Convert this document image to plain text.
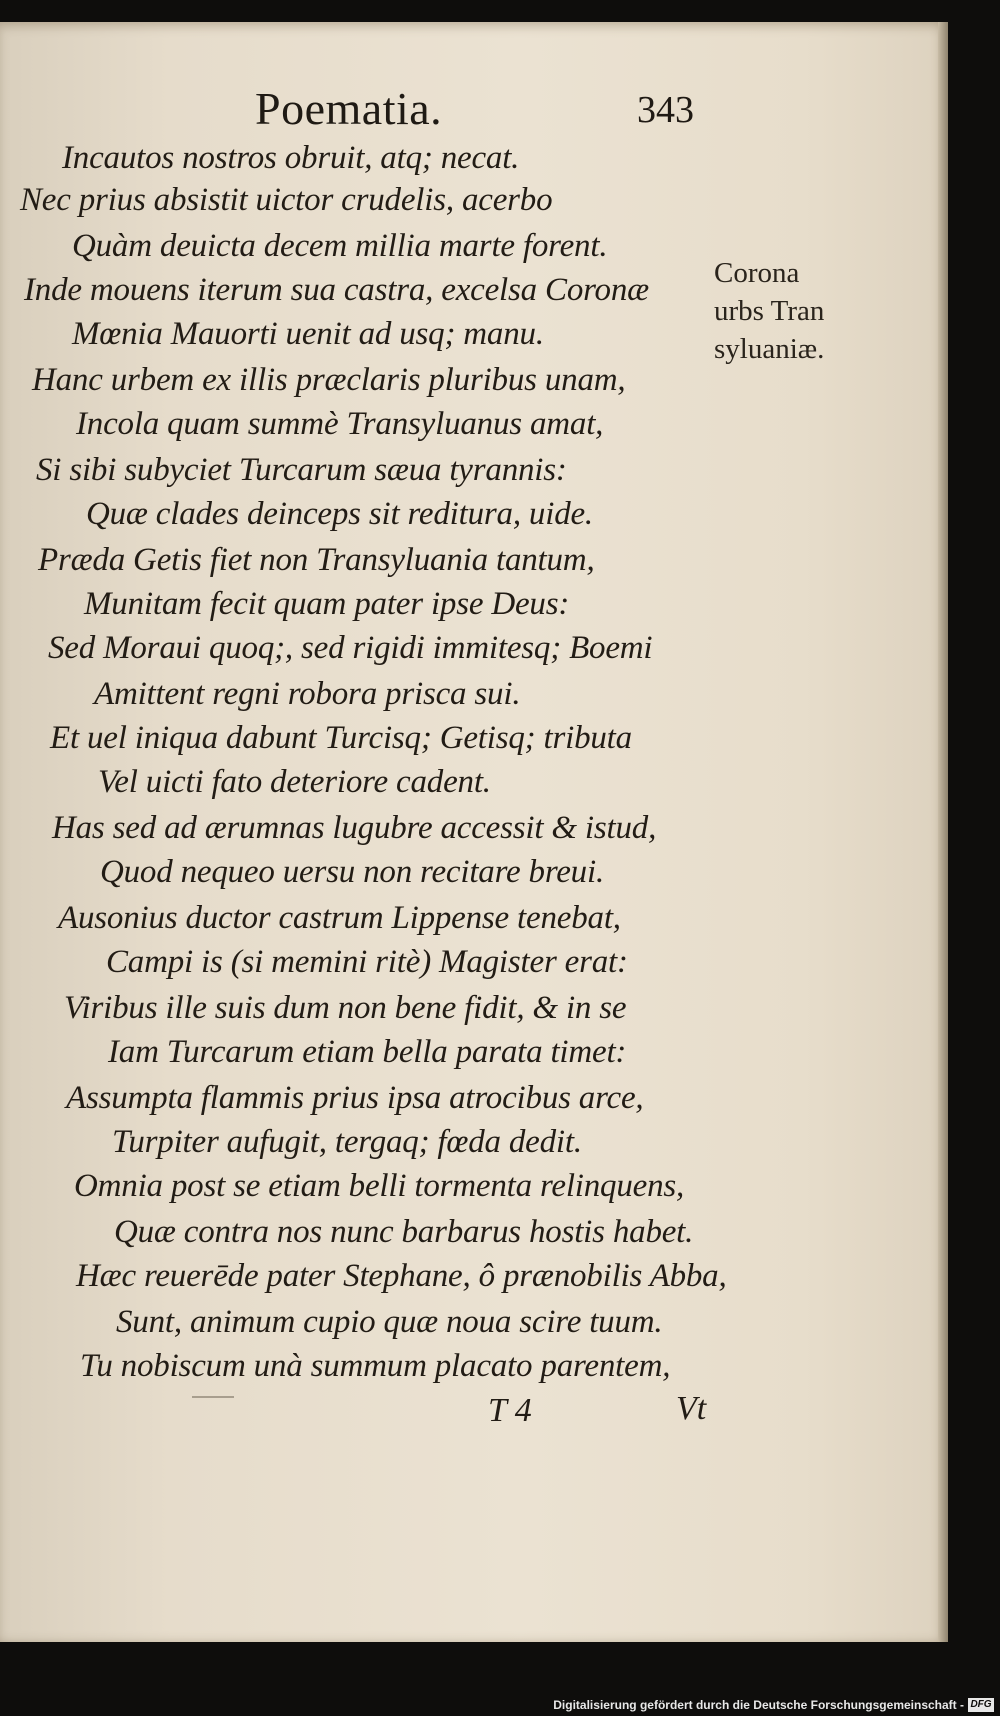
Poematia.	343
Incautos nostros obruit, atq; necat.
Nec prius absistit uictor crudelis, acerbo
Quàm deuicta decem millia marte forent.
Inde mouens iterum sua castra, excelsa Coronæ
Mœnia Mauorti uenit ad usq; manu.
Hanc urbem ex illis præclaris pluribus unam,
Incola quam summè Transyluanus amat,
Si sibi subyciet Turcarum sæua tyrannis:
Quæ clades deinceps sit reditura, uide.
Præda Getis fiet non Transyluania tantum,
Munitam fecit quam pater ipse Deus:
Sed Moraui quoq;, sed rigidi immitesq; Boemi
Amittent regni robora prisca sui.
Et uel iniqua dabunt Turcisq; Getisq; tributa
Vel uicti fato deteriore cadent.
Has sed ad ærumnas lugubre accessit & istud,
Quod nequeo uersu non recitare breui.
Ausonius ductor castrum Lippense tenebat,
Campi is (si memini ritè) Magister erat:
Viribus ille suis dum non bene fidit, & in se
Iam Turcarum etiam bella parata timet:
Assumpta flammis prius ipsa atrocibus arce,
Turpiter aufugit, tergaq; fœda dedit.
Omnia post se etiam belli tormenta relinquens,
Quæ contra nos nunc barbarus hostis habet.
Hæc reuerēde pater Stephane, ô prænobilis Abba,
Sunt, animum cupio quæ noua scire tuum.
Tu nobiscum unà summum placato parentem,
Corona
urbs Tran
syluaniæ.
T 4	Vt
Digitalisierung gefördert durch die Deutsche Forschungsgemeinschaft - DFG
